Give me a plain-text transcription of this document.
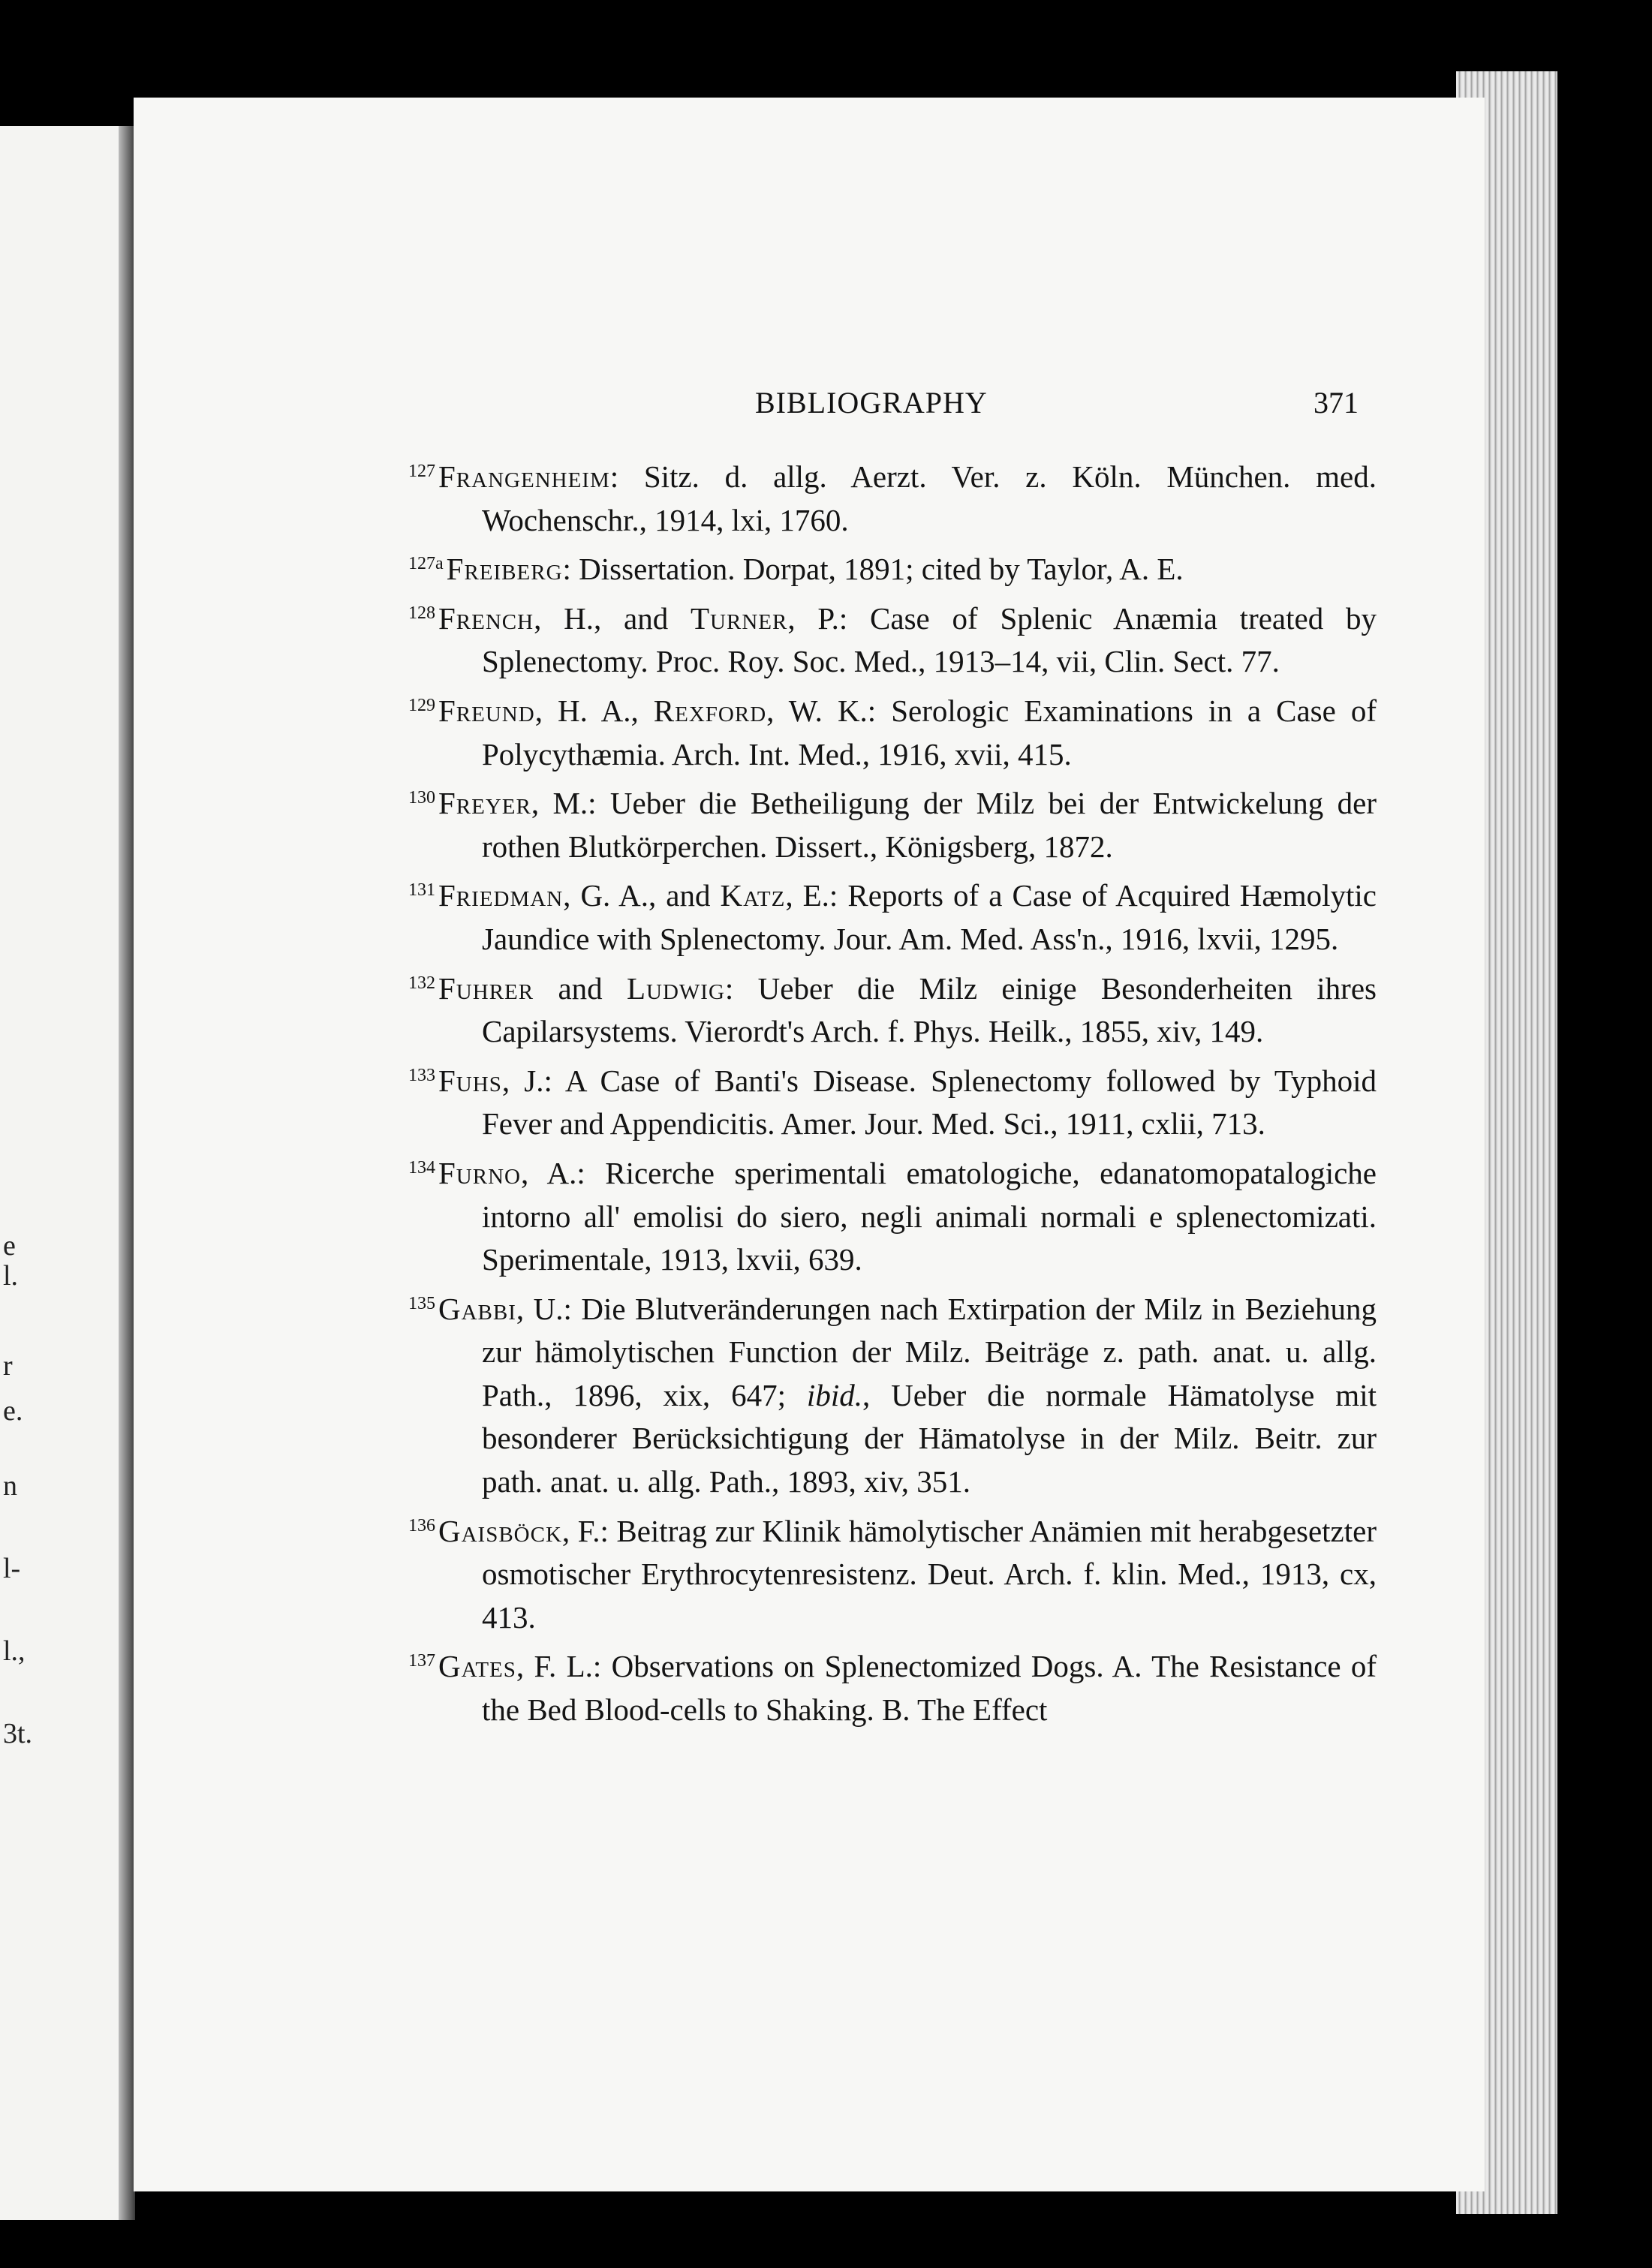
e
l.
r
e.
n
l-
l.,
3t.
BIBLIOGRAPHY	371

127Frangenheim: Sitz. d. allg. Aerzt. Ver. z. Köln. München. med. Wochenschr., 1914, lxi, 1760.

127aFreiberg: Dissertation. Dorpat, 1891; cited by Taylor, A. E.

128French, H., and Turner, P.: Case of Splenic Anæmia treated by Splenectomy. Proc. Roy. Soc. Med., 1913–14, vii, Clin. Sect. 77.

129Freund, H. A., Rexford, W. K.: Serologic Examinations in a Case of Polycythæmia. Arch. Int. Med., 1916, xvii, 415.

130Freyer, M.: Ueber die Betheiligung der Milz bei der Entwickelung der rothen Blutkörperchen. Dissert., Königsberg, 1872.

131Friedman, G. A., and Katz, E.: Reports of a Case of Acquired Hæmolytic Jaundice with Splenectomy. Jour. Am. Med. Ass'n., 1916, lxvii, 1295.

132Fuhrer and Ludwig: Ueber die Milz einige Besonderheiten ihres Capilarsystems. Vierordt's Arch. f. Phys. Heilk., 1855, xiv, 149.

133Fuhs, J.: A Case of Banti's Disease. Splenectomy followed by Typhoid Fever and Appendicitis. Amer. Jour. Med. Sci., 1911, cxlii, 713.

134Furno, A.: Ricerche sperimentali ematologiche, edanatomopatalogiche intorno all' emolisi do siero, negli animali normali e splenectomizati. Sperimentale, 1913, lxvii, 639.

135Gabbi, U.: Die Blutveränderungen nach Extirpation der Milz in Beziehung zur hämolytischen Function der Milz. Beiträge z. path. anat. u. allg. Path., 1896, xix, 647; ibid., Ueber die normale Hämatolyse mit besonderer Berücksichtigung der Hämatolyse in der Milz. Beitr. zur path. anat. u. allg. Path., 1893, xiv, 351.

136Gaisböck, F.: Beitrag zur Klinik hämolytischer Anämien mit herabgesetzter osmotischer Erythrocytenresistenz. Deut. Arch. f. klin. Med., 1913, cx, 413.

137Gates, F. L.: Observations on Splenectomized Dogs. A. The Resistance of the Bed Blood-cells to Shaking. B. The Effect
